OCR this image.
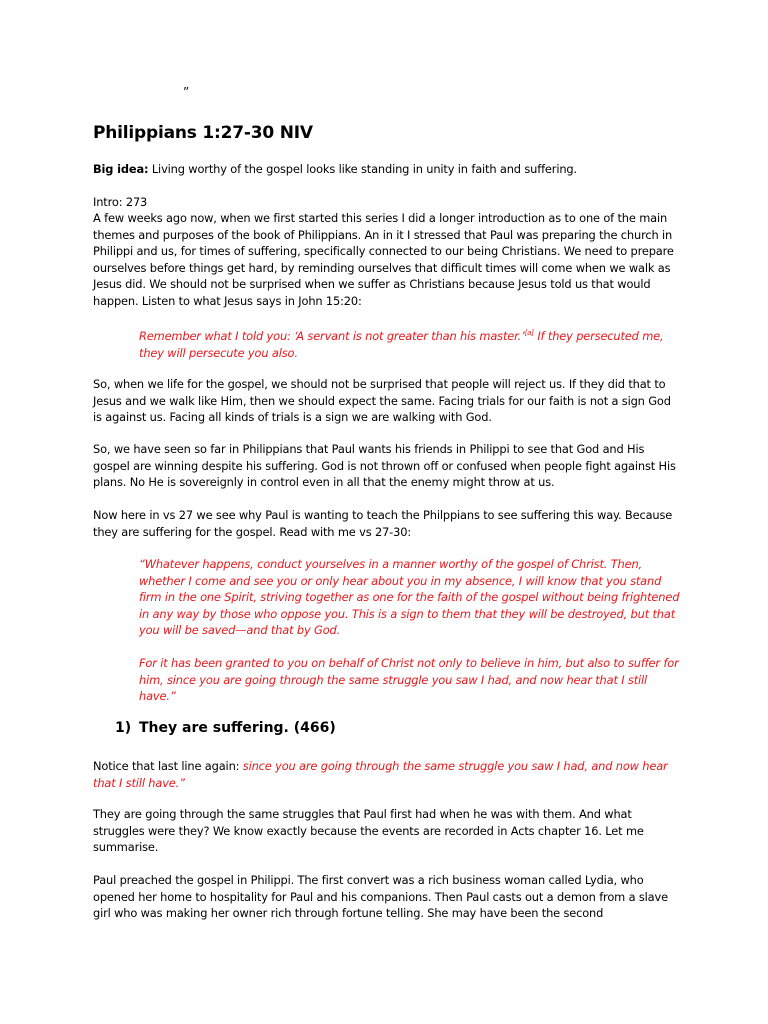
”
Philippians 1:27-30 NIV

Big idea: Living worthy of the gospel looks like standing in unity in faith and suffering.

Intro: 273

A few weeks ago now, when we first started this series I did a longer introduction as to one of the main themes and purposes of the book of Philippians. An in it I stressed that Paul was preparing the church in Philippi and us, for times of suffering, specifically connected to our being Christians. We need to prepare ourselves before things get hard, by reminding ourselves that difficult times will come when we walk as Jesus did. We should not be surprised when we suffer as Christians because Jesus told us that would happen. Listen to what Jesus says in John 15:20:

Remember what I told you: ‘A servant is not greater than his master.’[a] If they persecuted me, they will persecute you also.

So, when we life for the gospel, we should not be surprised that people will reject us. If they did that to Jesus and we walk like Him, then we should expect the same. Facing trials for our faith is not a sign God is against us. Facing all kinds of trials is a sign we are walking with God.

So, we have seen so far in Philippians that Paul wants his friends in Philippi to see that God and His gospel are winning despite his suffering. God is not thrown off or confused when people fight against His plans. No He is sovereignly in control even in all that the enemy might throw at us.

Now here in vs 27 we see why Paul is wanting to teach the Philppians to see suffering this way. Because they are suffering for the gospel. Read with me vs 27-30:

“Whatever happens, conduct yourselves in a manner worthy of the gospel of Christ. Then, whether I come and see you or only hear about you in my absence, I will know that you stand firm in the one Spirit, striving together as one for the faith of the gospel without being frightened in any way by those who oppose you. This is a sign to them that they will be destroyed, but that you will be saved—and that by God.

For it has been granted to you on behalf of Christ not only to believe in him, but also to suffer for him, since you are going through the same struggle you saw I had, and now hear that I still have.”

1) They are suffering. (466)

Notice that last line again: since you are going through the same struggle you saw I had, and now hear that I still have.”

They are going through the same struggles that Paul first had when he was with them. And what struggles were they? We know exactly because the events are recorded in Acts chapter 16. Let me summarise.

Paul preached the gospel in Philippi. The first convert was a rich business woman called Lydia, who opened her home to hospitality for Paul and his companions. Then Paul casts out a demon from a slave girl who was making her owner rich through fortune telling. She may have been the second
